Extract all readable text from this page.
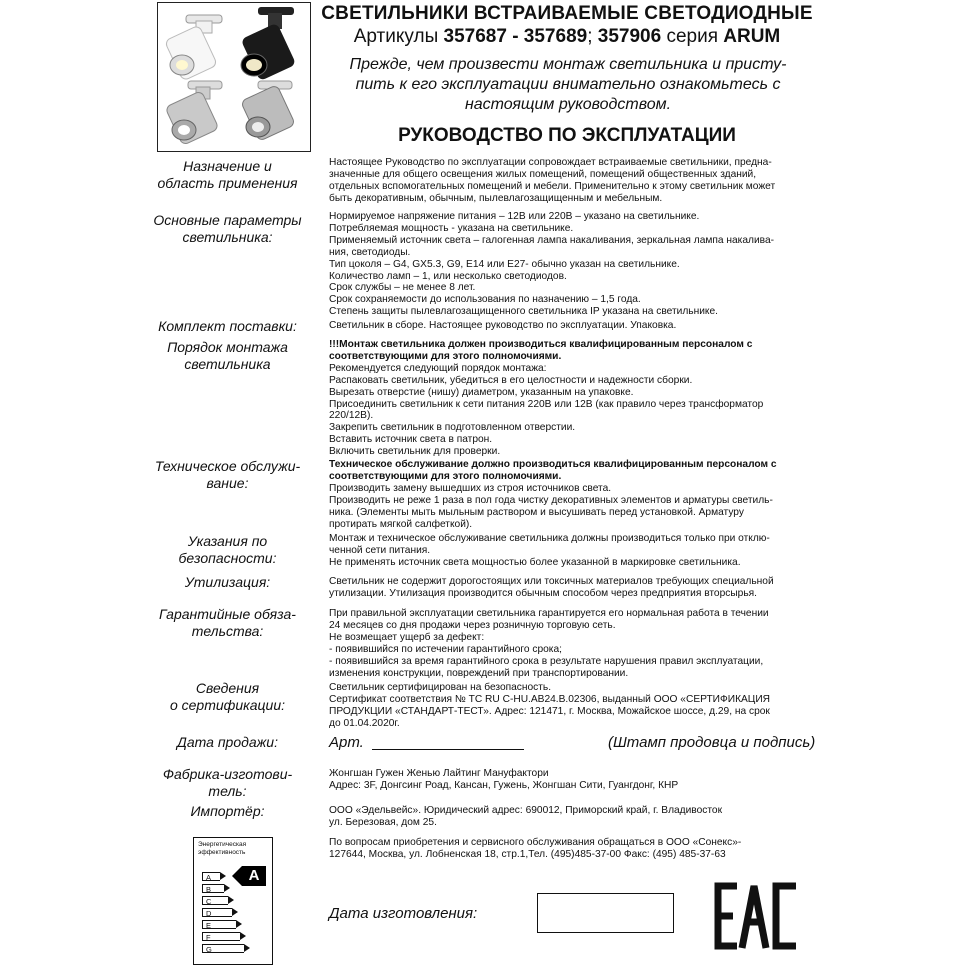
СВЕТИЛЬНИКИ ВСТРАИВАЕМЫЕ СВЕТОДИОДНЫЕ
Артикулы 357687 - 357689; 357906 серия ARUM
Прежде, чем произвести монтаж светильника и присту-
пить к его эксплуатации внимательно ознакомьтесь с
настоящим руководством.
РУКОВОДСТВО ПО ЭКСПЛУАТАЦИИ
Назначение и
область применения
Настоящее Руководство по эксплуатации сопровождает встраиваемые светильники, предна-
значенные для общего освещения жилых помещений, помещений общественных зданий,
отдельных вспомогательных помещений и мебели. Применительно к этому светильник может
быть декоративным, обычным, пылевлагозащищенным и мебельным.
Основные параметры
светильника:
Нормируемое напряжение питания – 12В или 220В – указано на светильнике.
Потребляемая мощность - указана на светильнике.
Применяемый источник света – галогенная лампа накаливания, зеркальная лампа накалива-
ния, светодиоды.
Тип цоколя – G4, GX5.3, G9, E14 или E27- обычно указан на светильнике.
Количество ламп – 1, или несколько светодиодов.
Срок службы – не менее 8 лет.
Срок сохраняемости до использования по назначению – 1,5 года.
Степень защиты пылевлагозащищенного светильника IP указана на светильнике.
Комплект поставки:	Светильник в сборе. Настоящее руководство по эксплуатации. Упаковка.
Порядок монтажа
светильника
!!!Монтаж светильника должен производиться квалифицированным персоналом с
соответствующими для этого полномочиями.
Рекомендуется следующий порядок монтажа:
Распаковать светильник, убедиться в его целостности и надежности сборки.
Вырезать отверстие (нишу) диаметром, указанным на упаковке.
Присоединить светильник к сети питания 220В или 12В (как правило через трансформатор
220/12В).
Закрепить светильник в подготовленном отверстии.
Вставить источник света в патрон.
Включить светильник для проверки.
Техническое обслужи-
вание:
Техническое обслуживание должно производиться квалифицированным персоналом с
соответствующими для этого полномочиями.
Производить замену вышедших из строя источников света.
Производить не реже 1 раза в пол года чистку декоративных элементов и арматуры светиль-
ника. (Элементы мыть мыльным раствором и высушивать перед установкой. Арматуру
протирать мягкой салфеткой).
Указания по
безопасности:
Монтаж и техническое обслуживание светильника должны производиться только при отклю-
ченной сети питания.
Не применять источник света мощностью более указанной в маркировке светильника.
Утилизация:	Светильник не содержит дорогостоящих или токсичных материалов требующих специальной
утилизации. Утилизация производится обычным способом через предприятия вторсырья.
Гарантийные обяза-
тельства:
При правильной эксплуатации светильника гарантируется его нормальная работа в течении
24 месяцев со дня продажи через розничную торговую сеть.
Не возмещает ущерб за дефект:
- появившийся по истечении гарантийного срока;
- появившийся за время гарантийного срока в результате нарушения правил эксплуатации,
изменения конструкции, повреждений при транспортировании.
Сведения
о сертификации:
Светильник сертифицирован на безопасность.
Сертификат соответствия № TC RU C-HU.AB24.B.02306, выданный ООО «СЕРТИФИКАЦИЯ
ПРОДУКЦИИ «СТАНДАРТ-ТЕСТ». Адрес: 121471, г. Москва, Можайское шоссе, д.29, на срок
до 01.04.2020г.
Дата продажи:	Арт.	(Штамп продовца и подпись)
Фабрика-изготови-
тель:
Жонгшан Гужен Женью Лайтинг Мануфактори
Адрес: 3F, Донгсинг Роад, Кансан, Гужень, Жонгшан Сити, Гуангдонг, КНР
Импортёр:	ООО «Эдельвейс». Юридический адрес: 690012, Приморский край, г. Владивосток
ул. Березовая, дом 25.
По вопросам приобретения и сервисного обслуживания обращаться в ООО «Сонекс»-
127644, Москва, ул. Лобненская 18, стр.1,Тел. (495)485-37-00 Факс: (495) 485-37-63
Энергетическая
эффективность
A
B
C
D
E
F
G
A
Дата изготовления:
